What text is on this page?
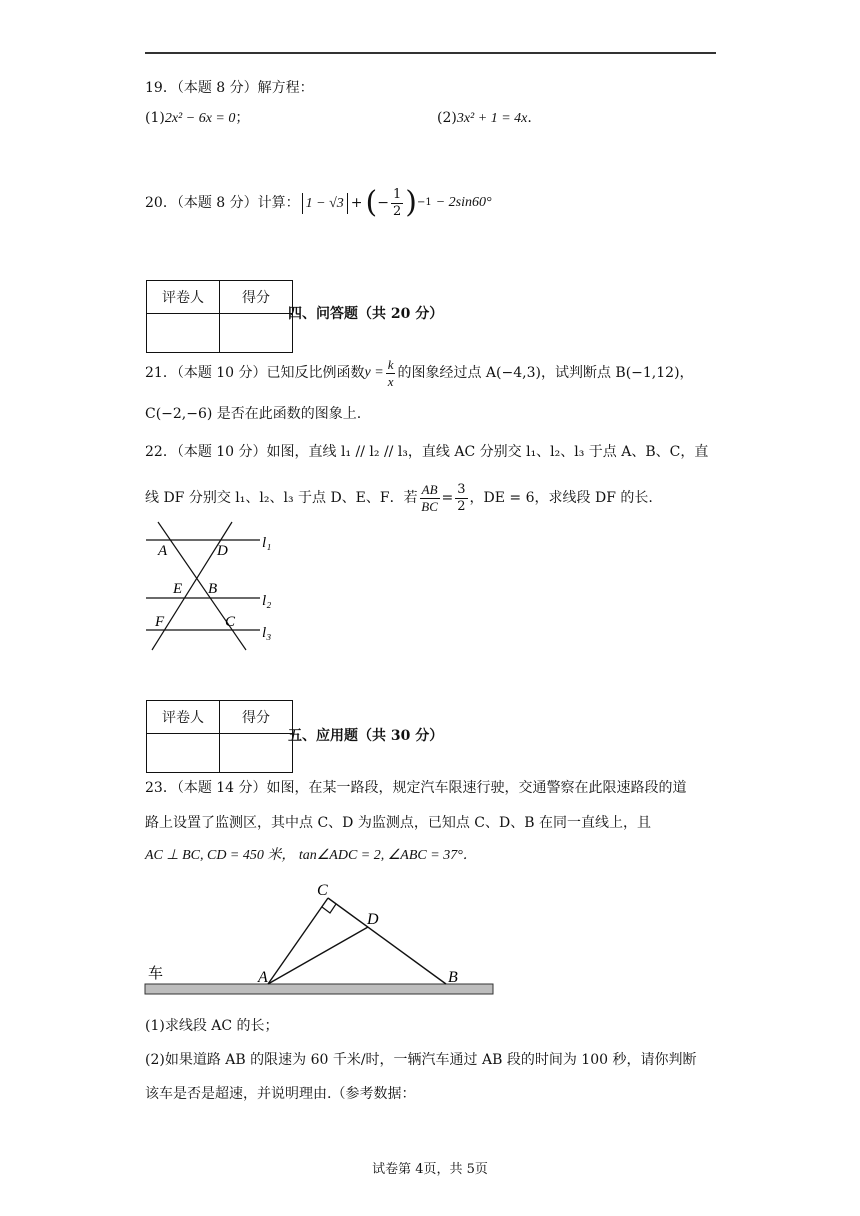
19．（本题 8 分）解方程：
(1)2x² − 6x = 0；	(2)3x² + 1 = 4x.
20．（本题 8 分）计算： 1 − √3 + ( − $\frac{1}{2}$ ) −1 − 2sin60°
评卷人	得分

四、问答题（共 20 分）
21．（本题 10 分）已知反比例函数 $y = \frac{k}{x}$ 的图象经过点 A(−4,3)，试判断点 B(−1,12)，
C(−2,−6) 是否在此函数的图象上.
22．（本题 10 分）如图，直线 l₁ // l₂ // l₃，直线 AC 分别交 l₁、l₂、l₃ 于点 A、B、C，直
线 DF 分别交 l₁、l₂、l₃ 于点 D、E、F．若 $\frac{AB}{BC} = \frac{3}{2}$ ，DE = 6，求线段 DF 的长.
A	D
E B
F	C
l₁
l₂
l₃
评卷人	得分

五、应用题（共 30 分）
23．（本题 14 分）如图，在某一路段，规定汽车限速行驶，交通警察在此限速路段的道
路上设置了监测区，其中点 C、D 为监测点，已知点 C、D、B 在同一直线上，且
AC ⊥ BC, CD = 450 米， tan∠ADC = 2, ∠ABC = 37°．
C
D
A	B
车
(1)求线段 AC 的长；
(2)如果道路 AB 的限速为 60 千米/时，一辆汽车通过 AB 段的时间为 100 秒，请你判断
该车是否是超速，并说明理由.（参考数据：
试卷第 4页，共 5页
